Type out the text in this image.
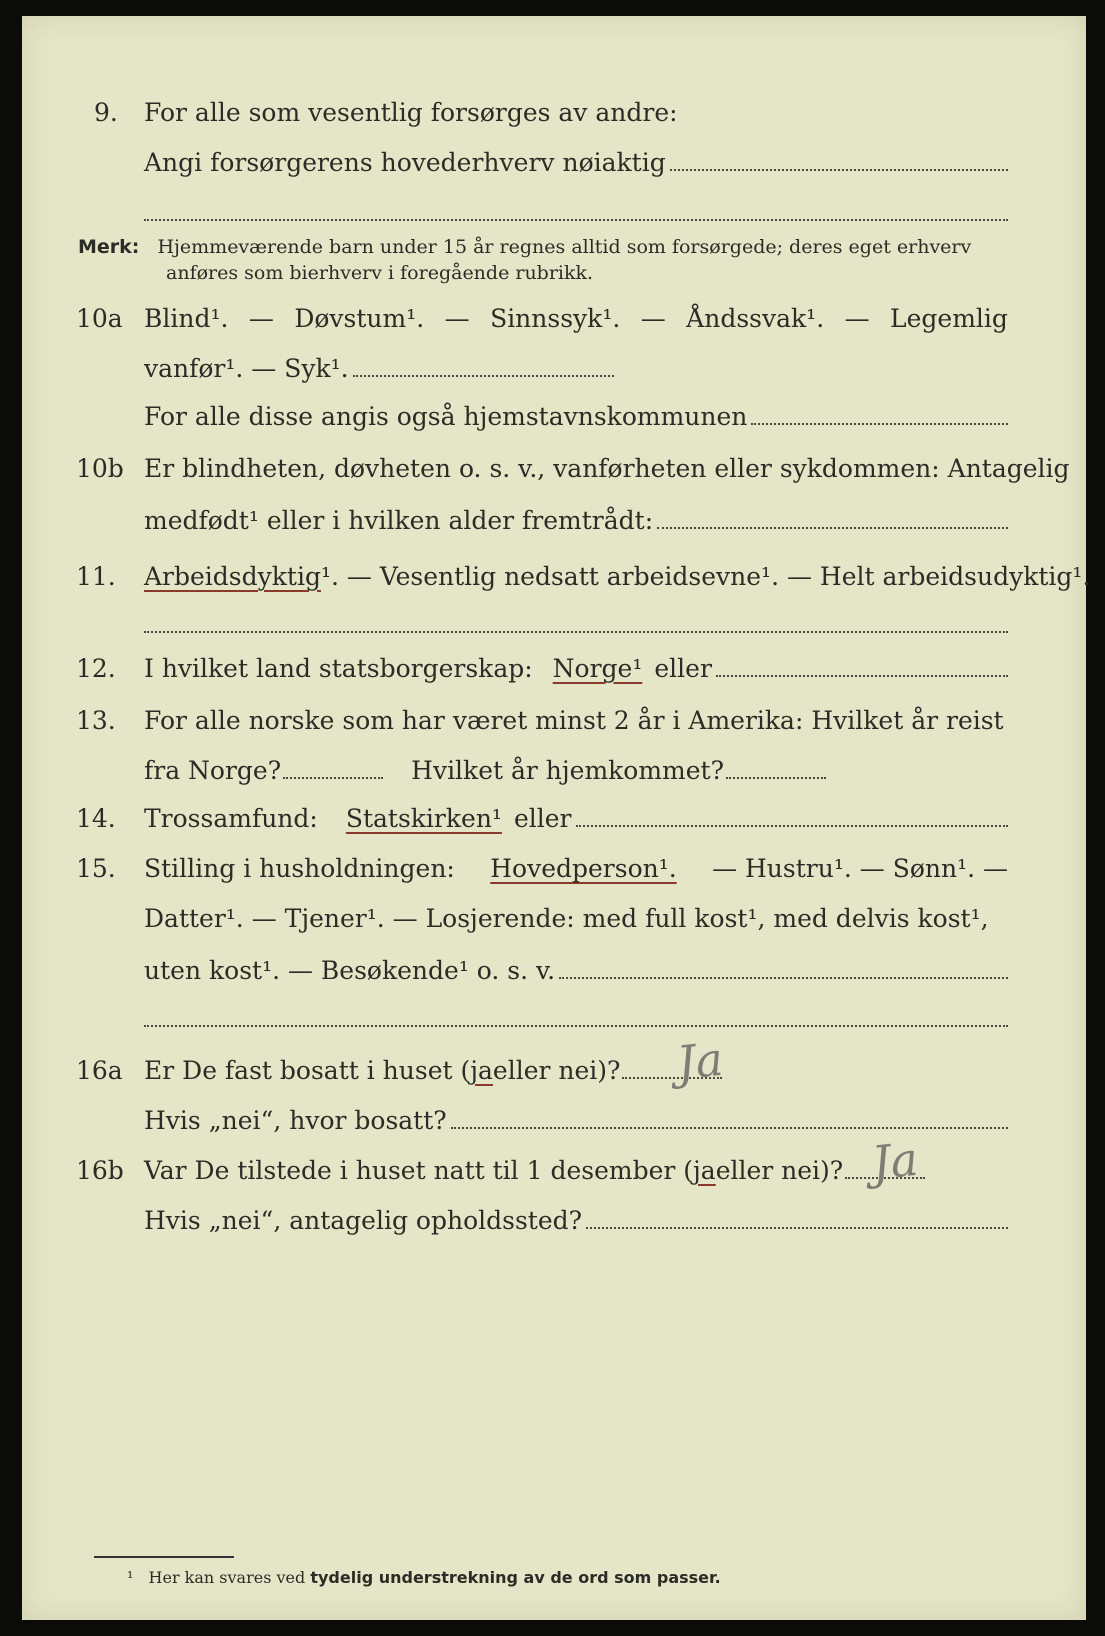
9. For alle som vesentlig forsørges av andre:
Angi forsørgerens hovederhverv nøiaktig
Merk: Hjemmeværende barn under 15 år regnes alltid som forsørgede; deres eget erhverv
anføres som bierhverv i foregående rubrikk.
10a Blind¹. — Døvstum¹. — Sinnssyk¹. — Åndssvak¹. — Legemlig
vanfør¹. — Syk¹.
For alle disse angis også hjemstavnskommunen
10b Er blindheten, døvheten o. s. v., vanførheten eller sykdommen: Antagelig
medfødt¹ eller i hvilken alder fremtrådt:
11. Arbeidsdyktig ¹. — Vesentlig nedsatt arbeidsevne¹. — Helt arbeidsudyktig¹.
12. I hvilket land statsborgerskap: Norge¹ eller
13. For alle norske som har været minst 2 år i Amerika: Hvilket år reist
fra Norge?	Hvilket år hjemkommet?
14. Trossamfund: Statskirken¹ eller
15. Stilling i husholdningen: Hovedperson¹. — Hustru¹. — Sønn¹. —
Datter¹. — Tjener¹. — Losjerende: med full kost¹, med delvis kost¹,
uten kost¹. — Besøkende¹ o. s. v.
16a Er De fast bosatt i huset ( ja eller nei)? Ja
Hvis „nei“, hvor bosatt?
16b Var De tilstede i huset natt til 1 desember ( ja eller nei)? Ja
Hvis „nei“, antagelig opholdssted?
¹ Her kan svares ved tydelig understrekning av de ord som passer.
